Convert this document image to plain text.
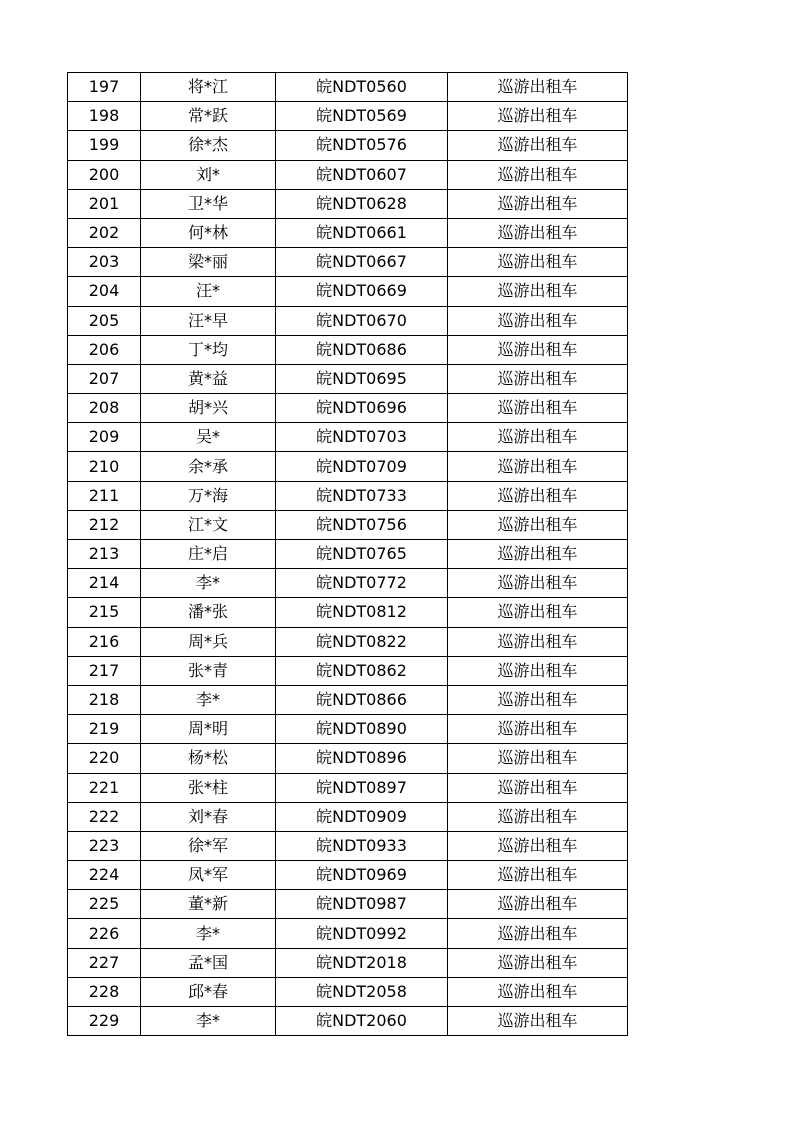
197	将*江	皖NDT0560	巡游出租车
198	常*跃	皖NDT0569	巡游出租车
199	徐*杰	皖NDT0576	巡游出租车
200	刘*	皖NDT0607	巡游出租车
201	卫*华	皖NDT0628	巡游出租车
202	何*林	皖NDT0661	巡游出租车
203	梁*丽	皖NDT0667	巡游出租车
204	汪*	皖NDT0669	巡游出租车
205	汪*早	皖NDT0670	巡游出租车
206	丁*均	皖NDT0686	巡游出租车
207	黄*益	皖NDT0695	巡游出租车
208	胡*兴	皖NDT0696	巡游出租车
209	吴*	皖NDT0703	巡游出租车
210	余*承	皖NDT0709	巡游出租车
211	万*海	皖NDT0733	巡游出租车
212	江*文	皖NDT0756	巡游出租车
213	庄*启	皖NDT0765	巡游出租车
214	李*	皖NDT0772	巡游出租车
215	潘*张	皖NDT0812	巡游出租车
216	周*兵	皖NDT0822	巡游出租车
217	张*青	皖NDT0862	巡游出租车
218	李*	皖NDT0866	巡游出租车
219	周*明	皖NDT0890	巡游出租车
220	杨*松	皖NDT0896	巡游出租车
221	张*柱	皖NDT0897	巡游出租车
222	刘*春	皖NDT0909	巡游出租车
223	徐*军	皖NDT0933	巡游出租车
224	凤*军	皖NDT0969	巡游出租车
225	董*新	皖NDT0987	巡游出租车
226	李*	皖NDT0992	巡游出租车
227	孟*国	皖NDT2018	巡游出租车
228	邱*春	皖NDT2058	巡游出租车
229	李*	皖NDT2060	巡游出租车
